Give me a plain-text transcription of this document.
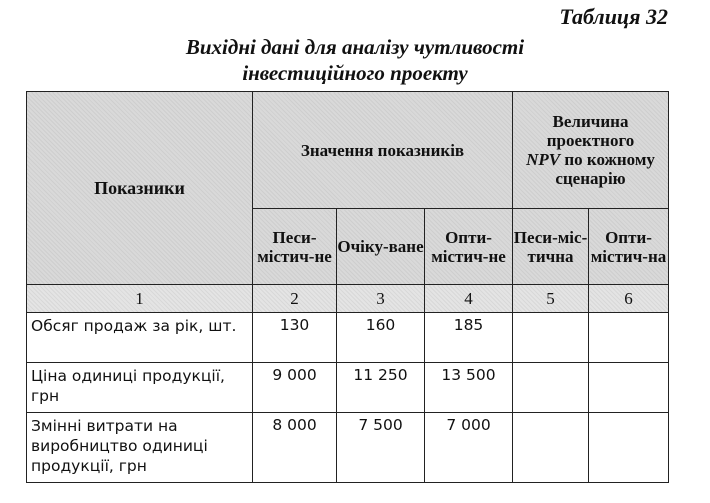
Таблиця 32
Вихідні дані для аналізу чутливості
інвестиційного проекту
Показники	Значення показників			Величина проектного
NPV по кожному сценарію	
	Песи-містич-не	Очіку-ване	Опти-містич-не	Песи-міс-тична	Опти-містич-на
1	2	3	4	5	6
Обсяг продаж за рік, шт.	130	160	185		
Ціна одиниці продукції, грн	9 000	11 250	13 500		
Змінні витрати на виробництво одиниці продукції, грн	8 000	7 500	7 000		
